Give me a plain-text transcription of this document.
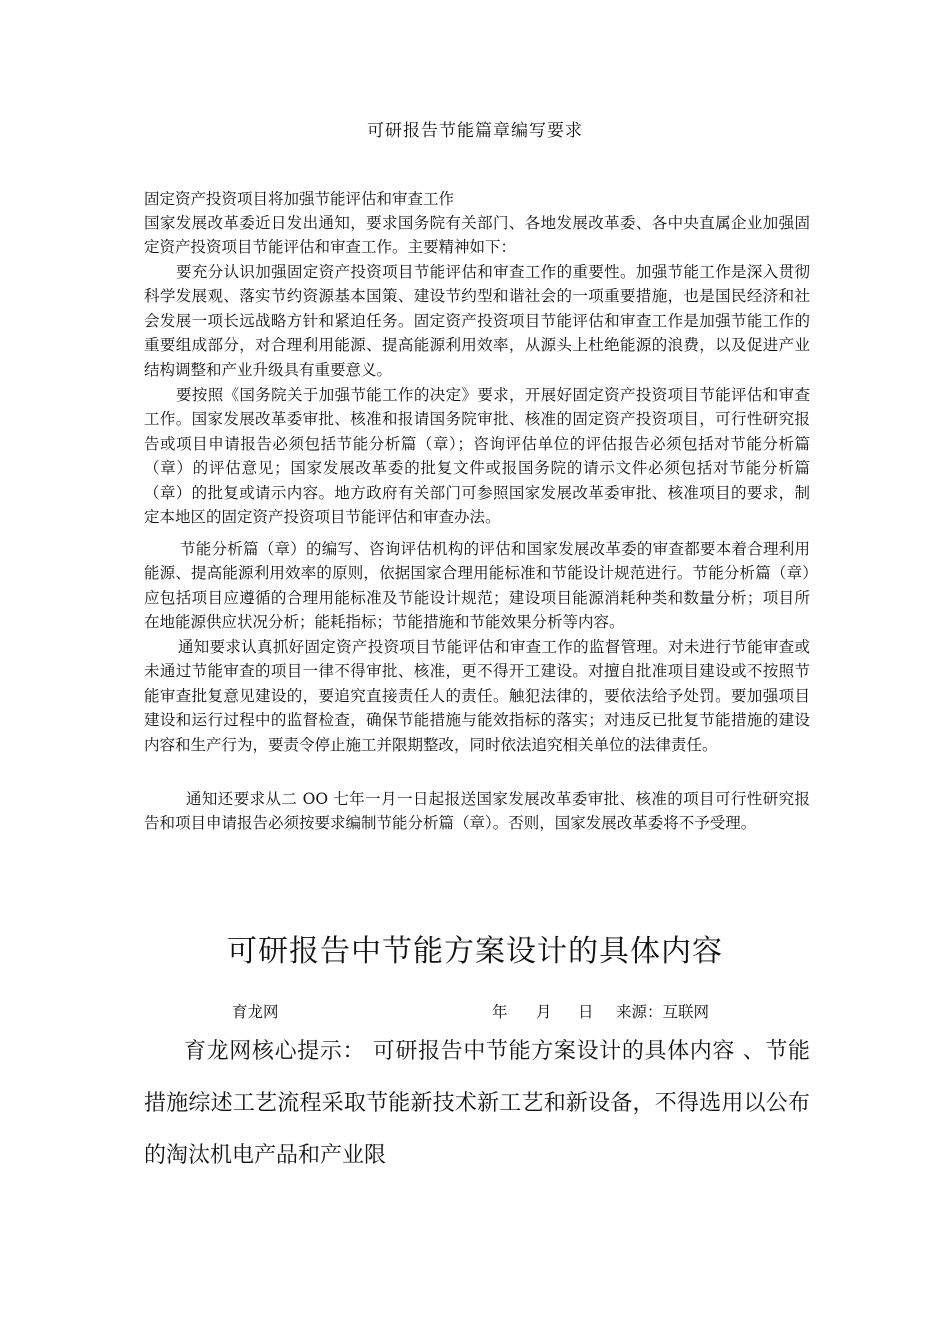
可研报告节能篇章编写要求
固定资产投资项目将加强节能评估和审查工作
国家发展改革委近日发出通知，要求国务院有关部门、各地发展改革委、各中央直属企业加强固定资产投资项目节能评估和审查工作。主要精神如下：
要充分认识加强固定资产投资项目节能评估和审查工作的重要性。加强节能工作是深入贯彻科学发展观、落实节约资源基本国策、建设节约型和谐社会的一项重要措施，也是国民经济和社会发展一项长远战略方针和紧迫任务。固定资产投资项目节能评估和审查工作是加强节能工作的重要组成部分，对合理利用能源、提高能源利用效率，从源头上杜绝能源的浪费，以及促进产业结构调整和产业升级具有重要意义。
要按照《国务院关于加强节能工作的决定》要求，开展好固定资产投资项目节能评估和审查工作。国家发展改革委审批、核准和报请国务院审批、核准的固定资产投资项目，可行性研究报告或项目申请报告必须包括节能分析篇（章）；咨询评估单位的评估报告必须包括对节能分析篇（章）的评估意见；国家发展改革委的批复文件或报国务院的请示文件必须包括对节能分析篇（章）的批复或请示内容。地方政府有关部门可参照国家发展改革委审批、核准项目的要求，制定本地区的固定资产投资项目节能评估和审查办法。
节能分析篇（章）的编写、咨询评估机构的评估和国家发展改革委的审查都要本着合理利用能源、提高能源利用效率的原则，依据国家合理用能标准和节能设计规范进行。节能分析篇（章）应包括项目应遵循的合理用能标准及节能设计规范；建设项目能源消耗种类和数量分析；项目所在地能源供应状况分析；能耗指标；节能措施和节能效果分析等内容。
通知要求认真抓好固定资产投资项目节能评估和审查工作的监督管理。对未进行节能审查或未通过节能审查的项目一律不得审批、核准，更不得开工建设。对擅自批准项目建设或不按照节能审查批复意见建设的，要追究直接责任人的责任。触犯法律的，要依法给予处罚。要加强项目建设和运行过程中的监督检查，确保节能措施与能效指标的落实；对违反已批复节能措施的建设内容和生产行为，要责令停止施工并限期整改，同时依法追究相关单位的法律责任。
通知还要求从二 OO 七年一月一日起报送国家发展改革委审批、核准的项目可行性研究报告和项目申请报告必须按要求编制节能分析篇（章）。否则，国家发展改革委将不予受理。
可研报告中节能方案设计的具体内容
育龙网	年 月 日 来源：互联网
育龙网核心提示： 可研报告中节能方案设计的具体内容 、节能措施综述工艺流程采取节能新技术新工艺和新设备，不得选用以公布的淘汰机电产品和产业限
